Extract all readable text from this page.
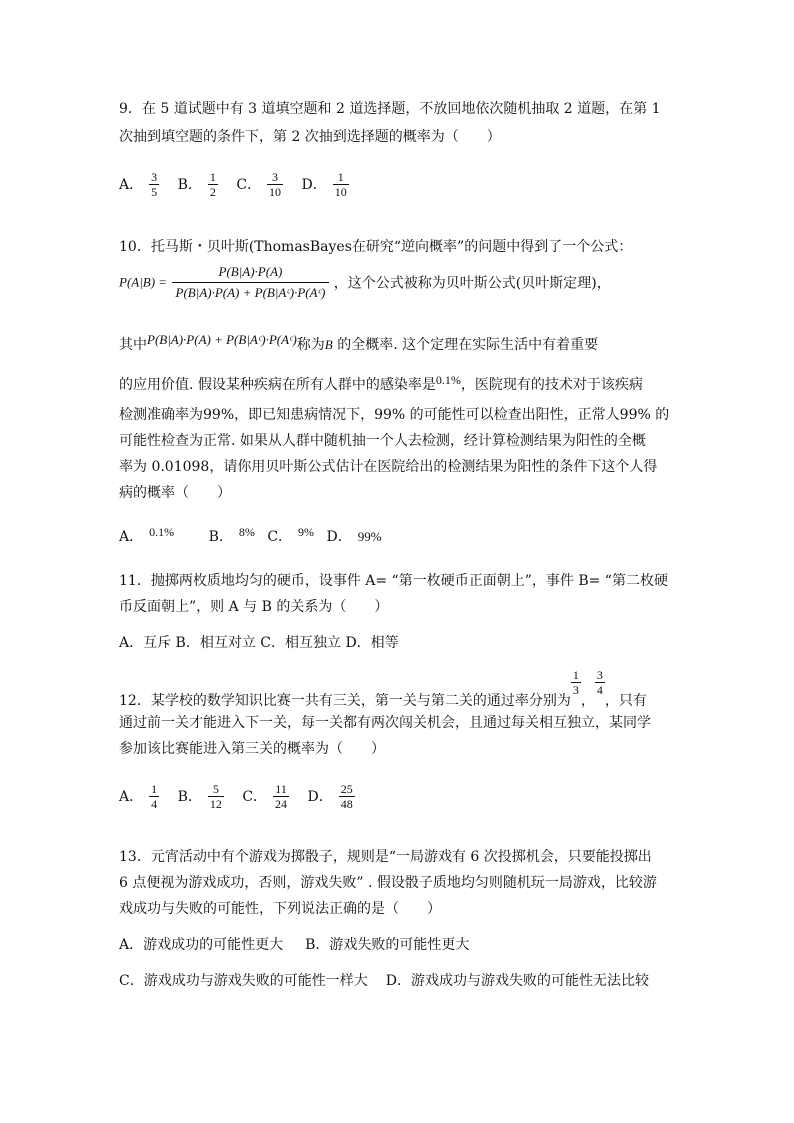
9．在 5 道试题中有 3 道填空题和 2 道选择题，不放回地依次随机抽取 2 道题，在第 1
次抽到填空题的条件下，第 2 次抽到选择题的概率为（　　）
A． $\frac{3}{5}$ B． $\frac{1}{2}$ C． $\frac{3}{10}$ D． $\frac{1}{10}$
10．托马斯・贝叶斯(ThomasBayes在研究“逆向概率”的问题中得到了一个公式：
$P(A|B) = \frac{P(B|A)\cdot P(A)}{\text{P(B|A)·P(A) + P(B|Aᶜ)·P(Aᶜ)}}$ ，这个公式被称为贝叶斯公式(贝叶斯定理)，
其中P(B|A)·P(A) + P(B|Aᶜ)·P(Aᶜ)称为B 的全概率. 这个定理在实际生活中有着重要
的应用价值. 假设某种疾病在所有人群中的感染率是0.1%，医院现有的技术对于该疾病
检测准确率为99%，即已知患病情况下，99% 的可能性可以检查出阳性，正常人99% 的
可能性检查为正常. 如果从人群中随机抽一个人去检测，经计算检测结果为阳性的全概
率为 0.01098，请你用贝叶斯公式估计在医院给出的检测结果为阳性的条件下这个人得
病的概率（　　）
A． 0.1% B． 8% C． 9% D． 99%
11．抛掷两枚质地均匀的硬币，设事件 A= “第一枚硬币正面朝上”，事件 B= “第二枚硬
币反面朝上”，则 A 与 B 的关系为（　　）
A．互斥 B．相互对立 C．相互独立 D．相等
12．某学校的数学知识比赛一共有三关，第一关与第二关的通过率分别为
$\frac{1}{3}$
，
$\frac{3}{4}$
，只有
通过前一关才能进入下一关，每一关都有两次闯关机会，且通过每关相互独立，某同学
参加该比赛能进入第三关的概率为（　　）
A． $\frac{1}{4}$ B． $\frac{5}{12}$ C． $\frac{11}{24}$ D． $\frac{25}{48}$
13．元宵活动中有个游戏为掷骰子，规则是“一局游戏有 6 次投掷机会，只要能投掷出
6 点便视为游戏成功，否则，游戏失败” . 假设骰子质地均匀则随机玩一局游戏，比较游
戏成功与失败的可能性，下列说法正确的是（　　）
A．游戏成功的可能性更大 B．游戏失败的可能性更大
C．游戏成功与游戏失败的可能性一样大 D．游戏成功与游戏失败的可能性无法比较
